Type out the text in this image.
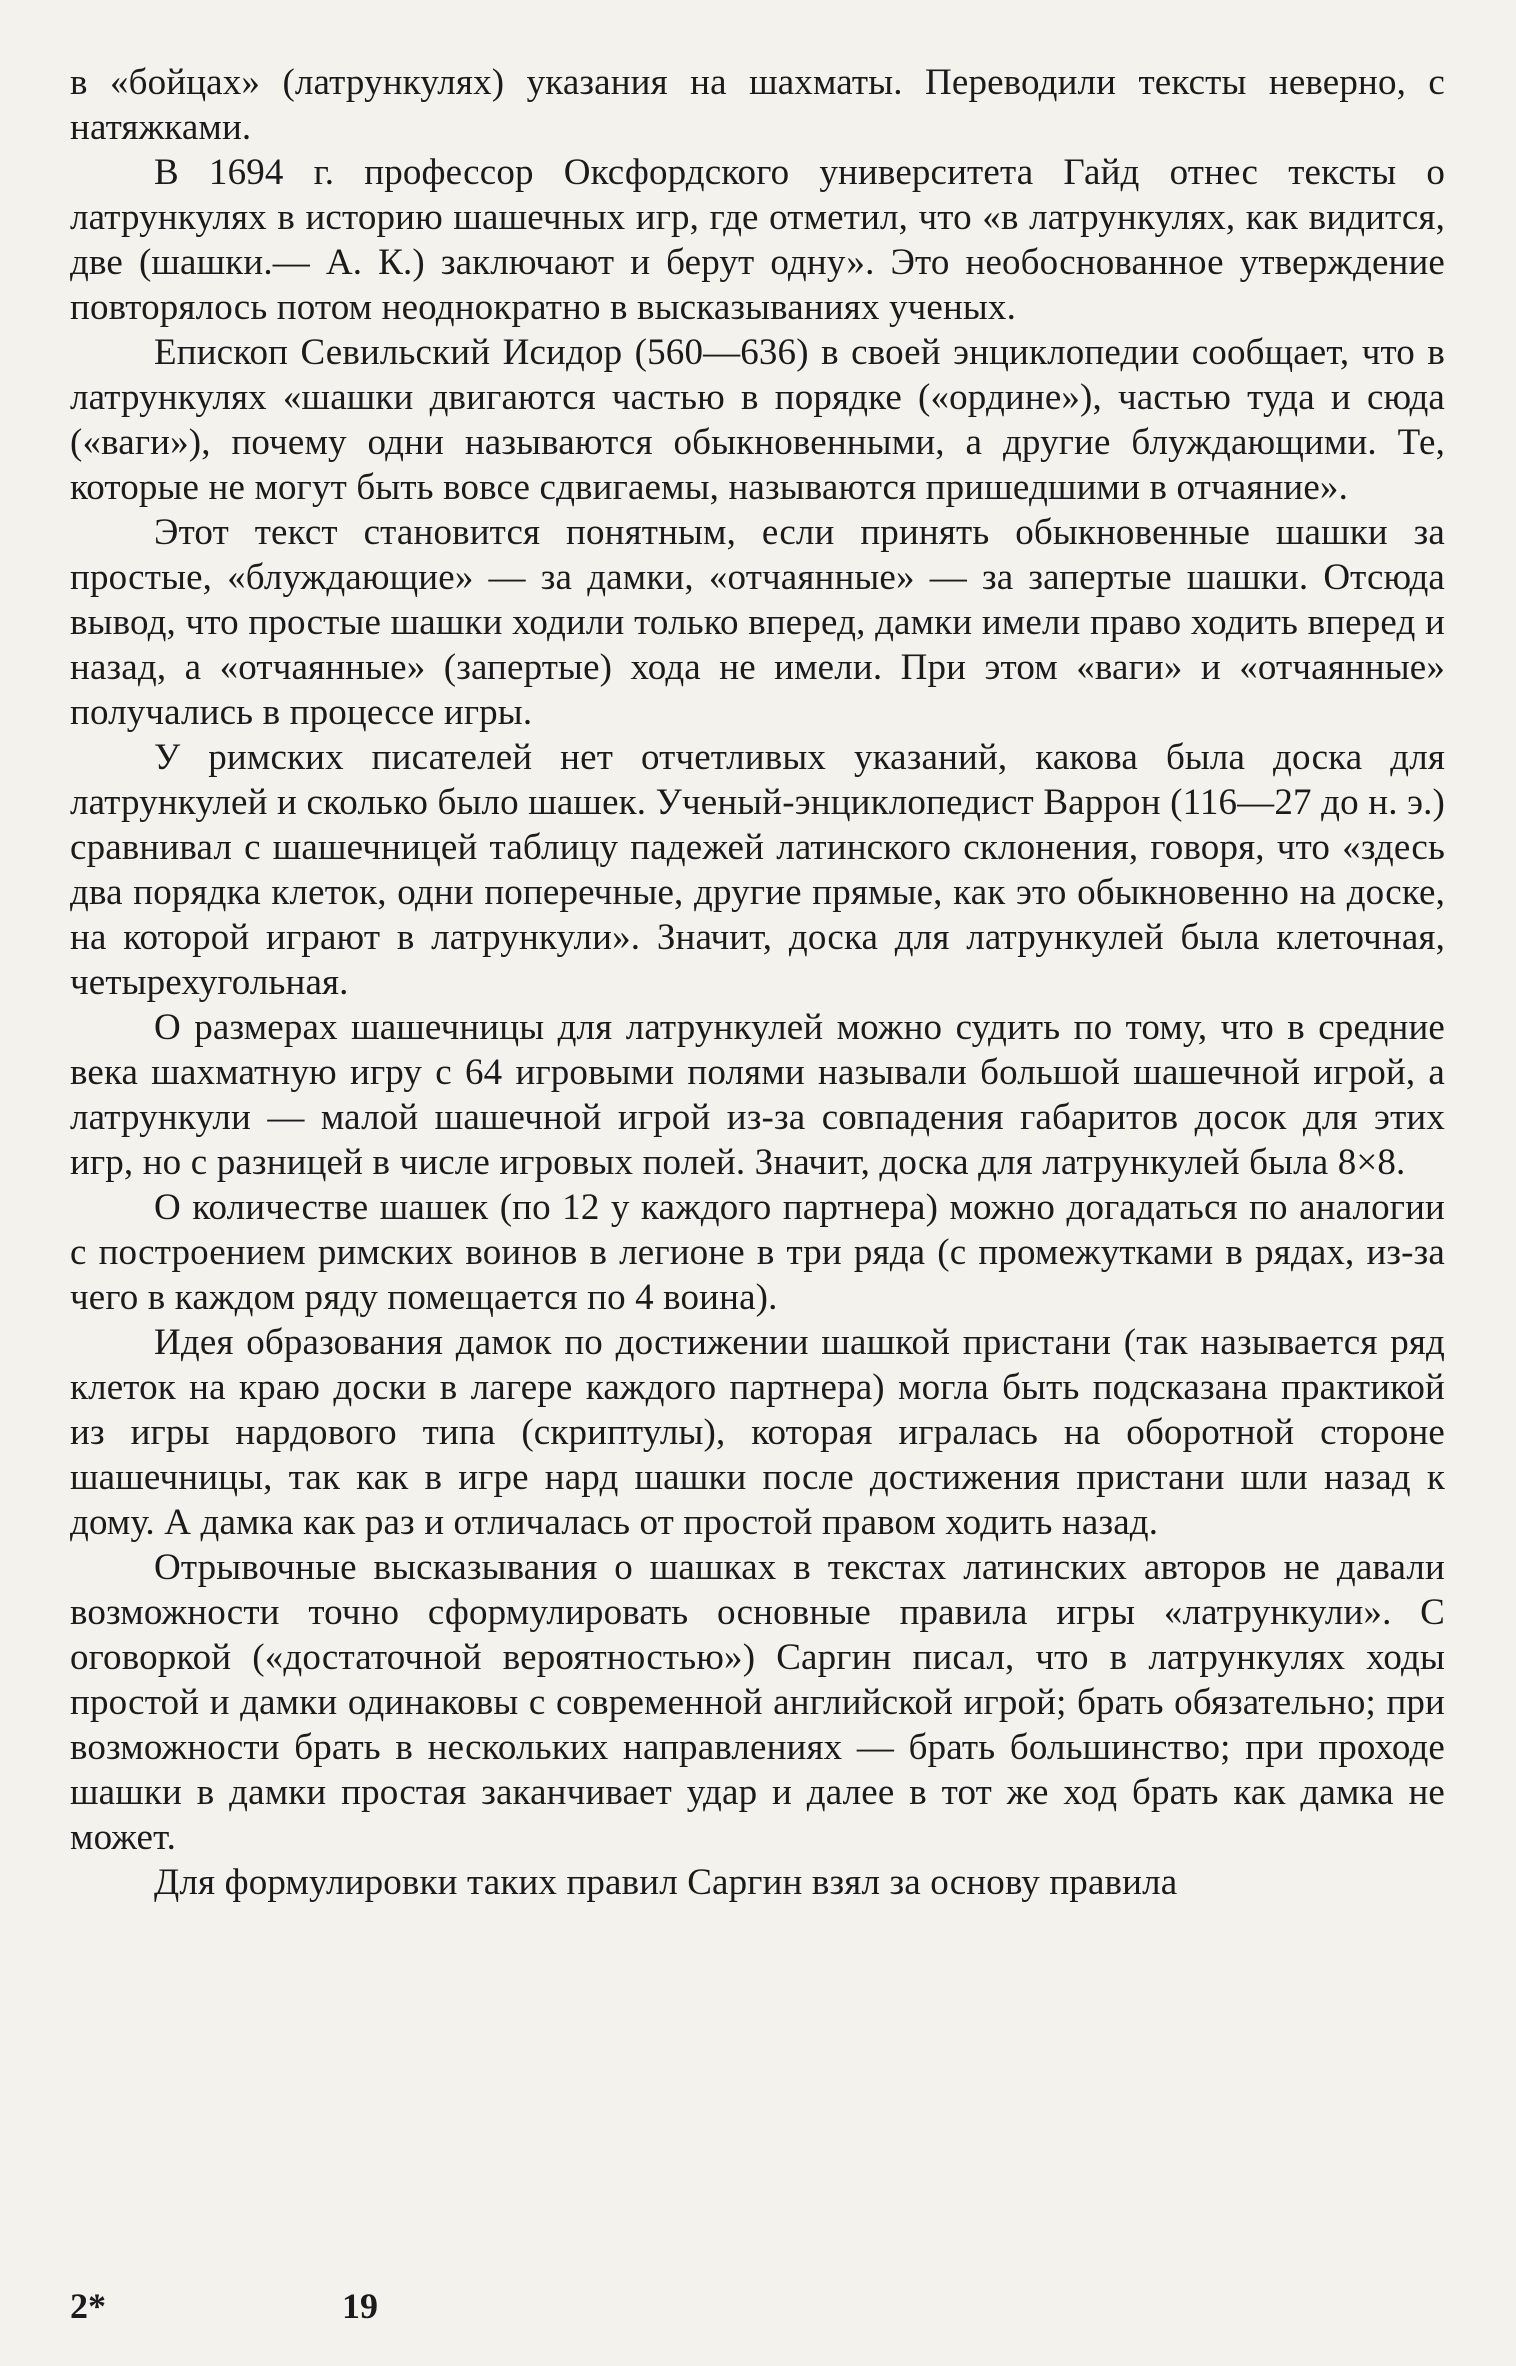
в «бойцах» (латрункулях) указания на шахматы. Переводили тексты неверно, с натяжками.

В 1694 г. профессор Оксфордского университета Гайд отнес тексты о латрункулях в историю шашечных игр, где отметил, что «в латрункулях, как видится, две (шашки.— А. К.) заключают и берут одну». Это необоснованное утверждение повторялось потом неоднократно в высказываниях ученых.

Епископ Севильский Исидор (560—636) в своей энциклопедии сообщает, что в латрункулях «шашки двигаются частью в порядке («ордине»), частью туда и сюда («ваги»), почему одни называются обыкновенными, а другие блуждающими. Те, которые не могут быть вовсе сдвигаемы, называются пришедшими в отчаяние».

Этот текст становится понятным, если принять обыкновенные шашки за простые, «блуждающие» — за дамки, «отчаянные» — за запертые шашки. Отсюда вывод, что простые шашки ходили только вперед, дамки имели право ходить вперед и назад, а «отчаянные» (запертые) хода не имели. При этом «ваги» и «отчаянные» получались в процессе игры.

У римских писателей нет отчетливых указаний, какова была доска для латрункулей и сколько было шашек. Ученый-энциклопедист Варрон (116—27 до н. э.) сравнивал с шашечницей таблицу падежей латинского склонения, говоря, что «здесь два порядка клеток, одни поперечные, другие прямые, как это обыкновенно на доске, на которой играют в латрункули». Значит, доска для латрункулей была клеточная, четырехугольная.

О размерах шашечницы для латрункулей можно судить по тому, что в средние века шахматную игру с 64 игровыми полями называли большой шашечной игрой, а латрункули — малой шашечной игрой из-за совпадения габаритов досок для этих игр, но с разницей в числе игровых полей. Значит, доска для латрункулей была 8×8.

О количестве шашек (по 12 у каждого партнера) можно догадаться по аналогии с построением римских воинов в легионе в три ряда (с промежутками в рядах, из-за чего в каждом ряду помещается по 4 воина).

Идея образования дамок по достижении шашкой пристани (так называется ряд клеток на краю доски в лагере каждого партнера) могла быть подсказана практикой из игры нардового типа (скриптулы), которая игралась на оборотной стороне шашечницы, так как в игре нард шашки после достижения пристани шли назад к дому. А дамка как раз и отличалась от простой правом ходить назад.

Отрывочные высказывания о шашках в текстах латинских авторов не давали возможности точно сформулировать основные правила игры «латрункули». С оговоркой («достаточной вероятностью») Саргин писал, что в латрункулях ходы простой и дамки одинаковы с современной английской игрой; брать обязательно; при возможности брать в нескольких направлениях — брать большинство; при проходе шашки в дамки простая заканчивает удар и далее в тот же ход брать как дамка не может.

Для формулировки таких правил Саргин взял за основу правила

2*	19
